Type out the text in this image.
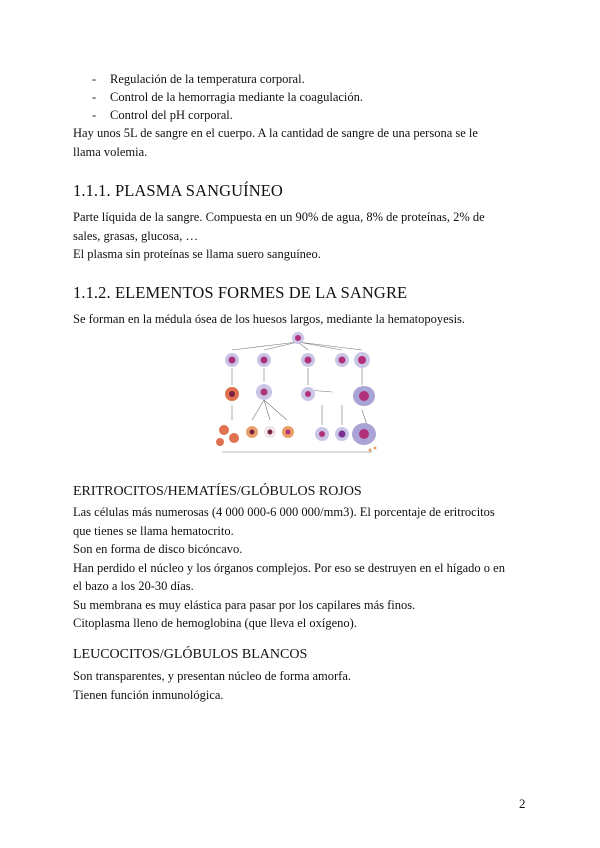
- Regulación de la temperatura corporal.
- Control de la hemorragia mediante la coagulación.
- Control del pH corporal.

Hay unos 5L de sangre en el cuerpo. A la cantidad de sangre de una persona se le

llama volemia.

1.1.1. PLASMA SANGUÍNEO

Parte líquida de la sangre. Compuesta en un 90% de agua, 8% de proteínas, 2% de

sales, grasas, glucosa, …

El plasma sin proteínas se llama suero sanguíneo.

1.1.2. ELEMENTOS FORMES DE LA SANGRE

Se forman en la médula ósea de los huesos largos, mediante la hematopoyesis.

ERITROCITOS/HEMATÍES/GLÓBULOS ROJOS

Las células más numerosas (4 000 000-6 000 000/mm3). El porcentaje de eritrocitos

que tienes se llama hematocrito.

Son en forma de disco bicóncavo.

Han perdido el núcleo y los órganos complejos. Por eso se destruyen en el hígado o en

el bazo a los 20-30 días.

Su membrana es muy elástica para pasar por los capilares más finos.

Citoplasma lleno de hemoglobina (que lleva el oxígeno).

LEUCOCITOS/GLÓBULOS BLANCOS

Son transparentes, y presentan núcleo de forma amorfa.

Tienen función inmunológica.

2
